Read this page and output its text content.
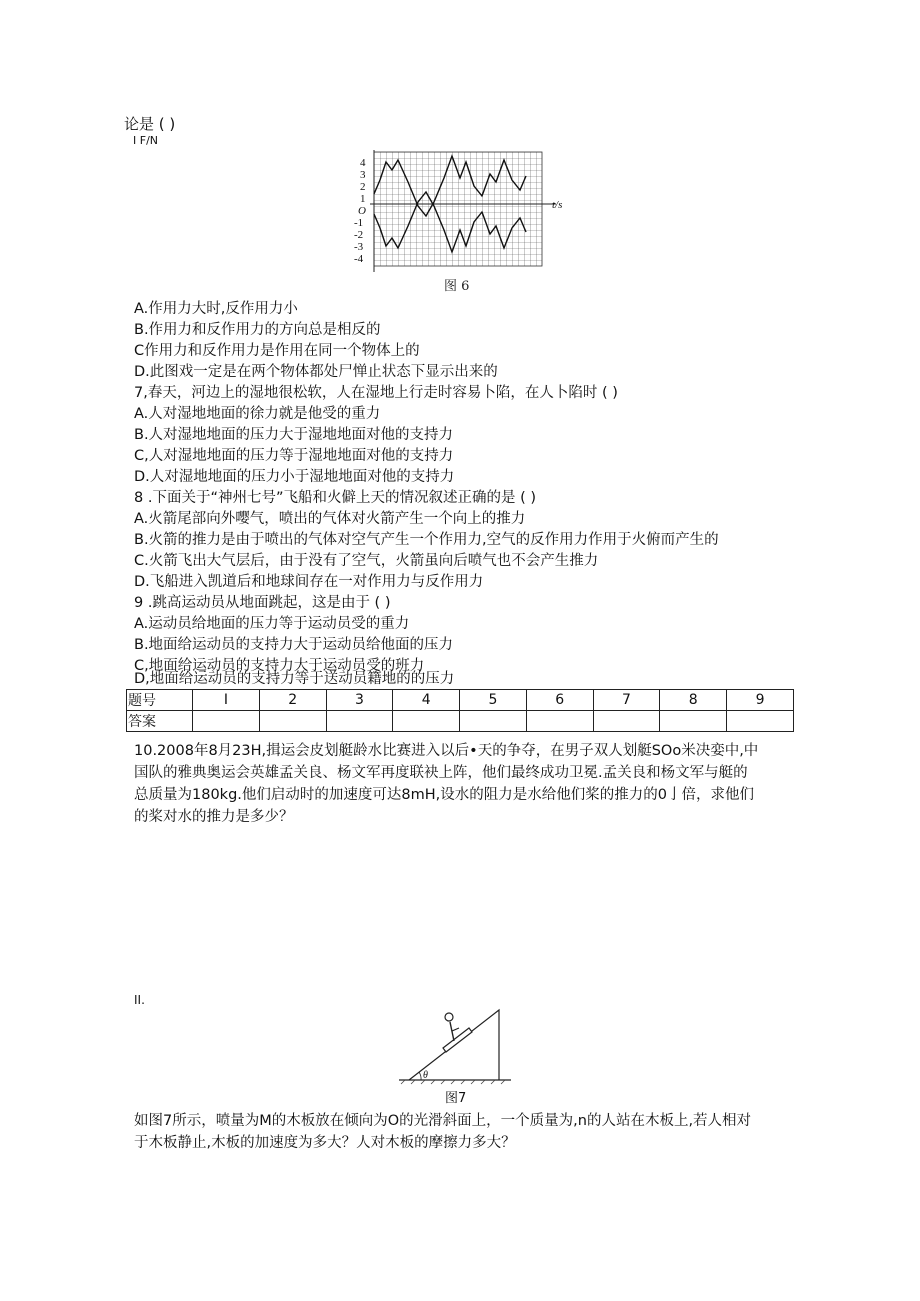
论是 ( )
I F/N
4
3
2
1
O
-1
-2
-3
-4
t/s
图 6
A.作用力大时,反作用力小
B.作用力和反作用力的方向总是相反的
C作用力和反作用力是作用在同一个物体上的
D.此图戏一定是在两个物体都处尸惮止状态下显示出来的
7,春天，河边上的湿地很松软，人在湿地上行走时容易卜陷，在人卜陷时 ( )
A.人对湿地地面的徐力就是他受的重力
B.人对湿地地面的压力大于湿地地面对他的支持力
C,人对湿地地面的压力等于湿地地面对他的支持力
D.人对湿地地面的压力小于湿地地面对他的支持力
8 .下面关于“神州七号”飞船和火僻上天的情况叙述正确的是 ( )
A.火箭尾部向外嘤气，喷出的气体对火箭产生一个向上的推力
B.火箭的推力是由于喷出的气体对空气产生一个作用力,空气的反作用力作用于火俯而产生的
C.火箭飞出大气层后，由于没有了空气，火箭虽向后喷气也不会产生推力
D.飞船进入凯道后和地球间存在一对作用力与反作用力
9 .跳高运动员从地面跳起，这是由于 ( )
A.运动员给地面的压力等于运动员受的重力
B.地面给运动员的支持力大于运动员给他面的压力
C,地面给运动员的支持力大于运动员受的班力
D,地面给运动员的支持力等于送动员籍地的的压力
题号	I	2	3	4	5	6	7	8	9
答案									
10.2008年8月23H,揖运会皮划艇龄水比赛进入以后•天的争夺，在男子双人划艇SOo米决娈中,中
国队的雅典奥运会英雄孟关良、杨文军再度联袂上阵，他们最终成功卫冕.孟关良和杨文军与艇的
总质量为180kg.他们启动时的加速度可达8mH,设水的阻力是水给他们桨的推力的0亅倍，求他们
的桨对水的推力是多少？
II.
θ
图7
如图7所示，喷量为M的木板放在倾向为O的光滑斜面上，一个质量为,n的人站在木板上,若人相对
于木板静止,木板的加速度为多大？人对木板的摩擦力多大？
